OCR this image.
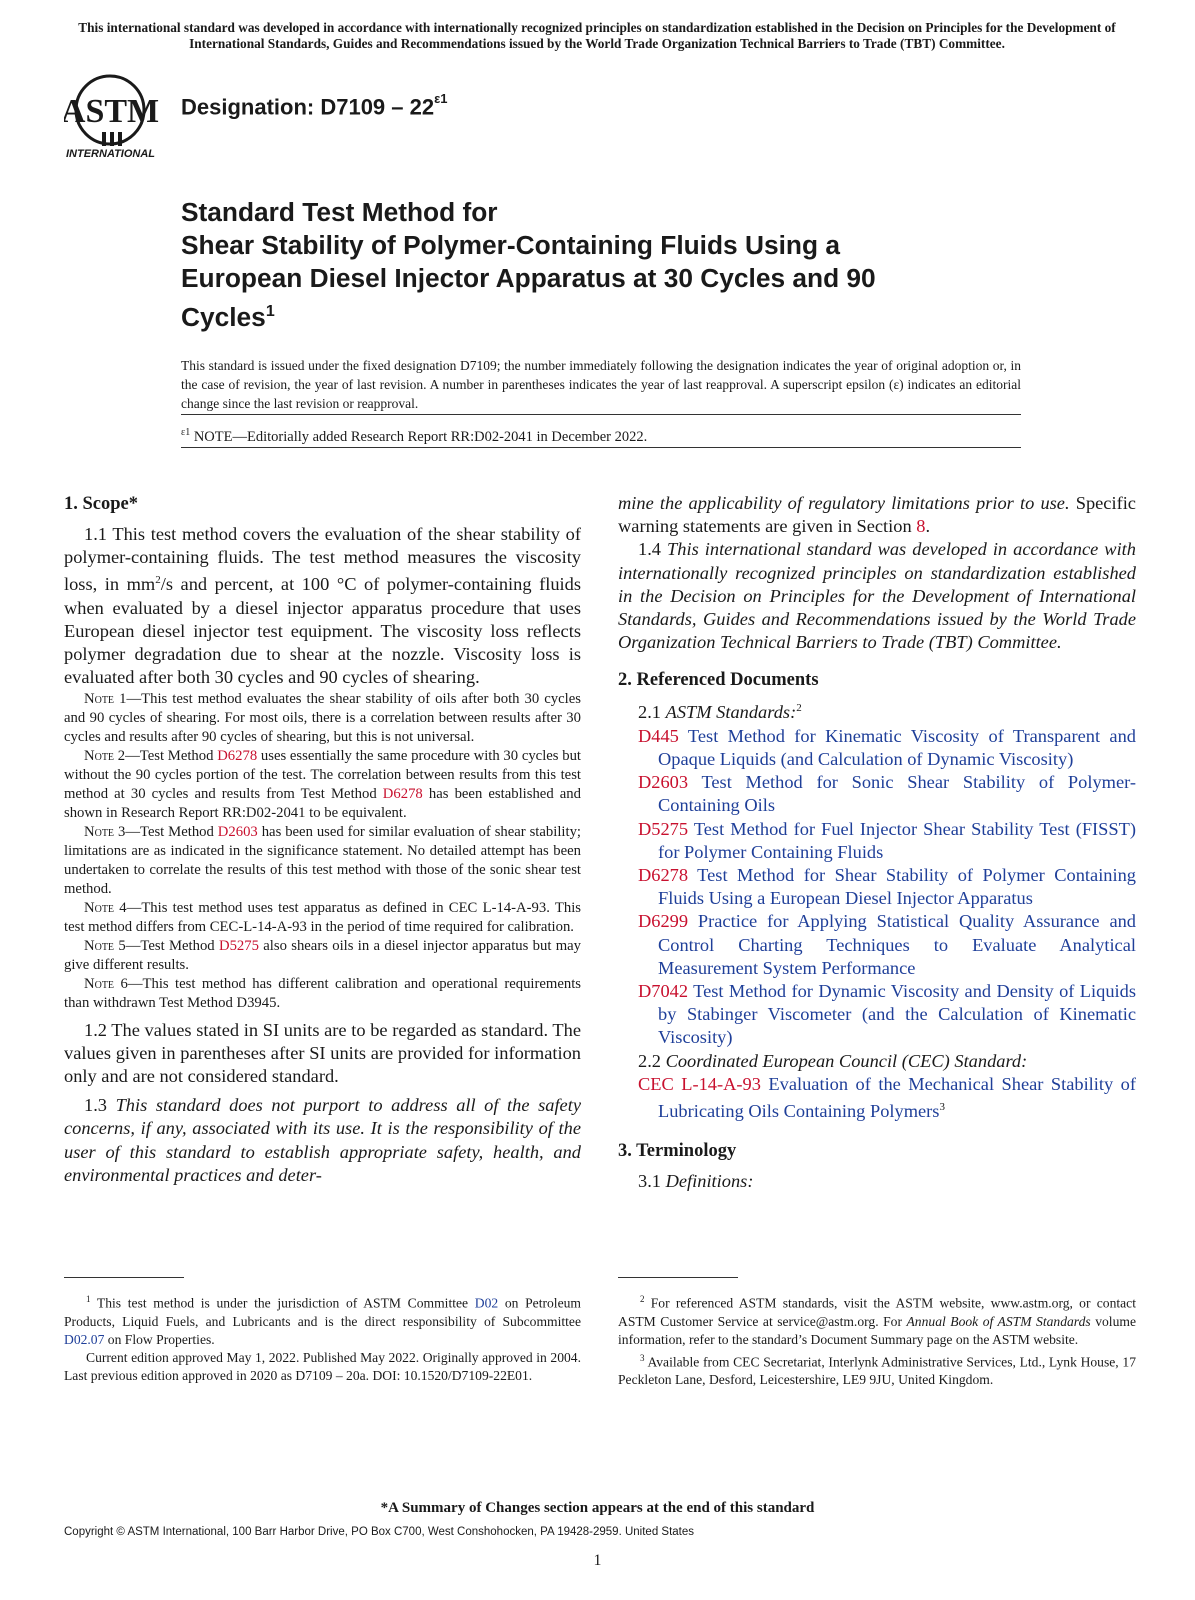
This international standard was developed in accordance with internationally recognized principles on standardization established in the Decision on Principles for the Development of International Standards, Guides and Recommendations issued by the World Trade Organization Technical Barriers to Trade (TBT) Committee.
ASTM
INTERNATIONAL
Designation: $D7109 - 22^{\varepsilon 1}$
Standard Test Method for
Shear Stability of Polymer-Containing Fluids Using a
European Diesel Injector Apparatus at 30 Cycles and 90
Cycles$^1$
This standard is issued under the fixed designation D7109; the number immediately following the designation indicates the year of original adoption or, in the case of revision, the year of last revision. A number in parentheses indicates the year of last reapproval. A superscript epsilon (ε) indicates an editorial change since the last revision or reapproval.
$^{\varepsilon 1}$ NOTE—Editorially added Research Report RR:D02-2041 in December 2022.

1. Scope*

1.1 This test method covers the evaluation of the shear stability of polymer-containing fluids. The test method measures the viscosity loss, in $mm^2/s$ and percent, at 100 °C of polymer-containing fluids when evaluated by a diesel injector apparatus procedure that uses European diesel injector test equipment. The viscosity loss reflects polymer degradation due to shear at the nozzle. Viscosity loss is evaluated after both 30 cycles and 90 cycles of shearing.

Note 1—This test method evaluates the shear stability of oils after both 30 cycles and 90 cycles of shearing. For most oils, there is a correlation between results after 30 cycles and results after 90 cycles of shearing, but this is not universal.

Note 2—Test Method D6278 uses essentially the same procedure with 30 cycles but without the 90 cycles portion of the test. The correlation between results from this test method at 30 cycles and results from Test Method D6278 has been established and shown in Research Report RR:D02-2041 to be equivalent.

Note 3—Test Method D2603 has been used for similar evaluation of shear stability; limitations are as indicated in the significance statement. No detailed attempt has been undertaken to correlate the results of this test method with those of the sonic shear test method.

Note 4—This test method uses test apparatus as defined in CEC L-14-A-93. This test method differs from CEC-L-14-A-93 in the period of time required for calibration.

Note 5—Test Method D5275 also shears oils in a diesel injector apparatus but may give different results.

Note 6—This test method has different calibration and operational requirements than withdrawn Test Method D3945.

1.2 The values stated in SI units are to be regarded as standard. The values given in parentheses after SI units are provided for information only and are not considered standard.

1.3 This standard does not purport to address all of the safety concerns, if any, associated with its use. It is the responsibility of the user of this standard to establish appropriate safety, health, and environmental practices and deter-

mine the applicability of regulatory limitations prior to use. Specific warning statements are given in Section 8.

1.4 This international standard was developed in accordance with internationally recognized principles on standardization established in the Decision on Principles for the Development of International Standards, Guides and Recommendations issued by the World Trade Organization Technical Barriers to Trade (TBT) Committee.

2. Referenced Documents

2.1 ASTM Standards:$^2$

D445 Test Method for Kinematic Viscosity of Transparent and Opaque Liquids (and Calculation of Dynamic Viscosity)

D2603 Test Method for Sonic Shear Stability of Polymer-Containing Oils

D5275 Test Method for Fuel Injector Shear Stability Test (FISST) for Polymer Containing Fluids

D6278 Test Method for Shear Stability of Polymer Containing Fluids Using a European Diesel Injector Apparatus

D6299 Practice for Applying Statistical Quality Assurance and Control Charting Techniques to Evaluate Analytical Measurement System Performance

D7042 Test Method for Dynamic Viscosity and Density of Liquids by Stabinger Viscometer (and the Calculation of Kinematic Viscosity)

2.2 Coordinated European Council (CEC) Standard:

CEC L-14-A-93 Evaluation of the Mechanical Shear Stability of Lubricating Oils Containing Polymers$^3$

3. Terminology

3.1 Definitions:

$^1$ This test method is under the jurisdiction of ASTM Committee D02 on Petroleum Products, Liquid Fuels, and Lubricants and is the direct responsibility of Subcommittee D02.07 on Flow Properties.

Current edition approved May 1, 2022. Published May 2022. Originally approved in 2004. Last previous edition approved in 2020 as D7109 – 20a. DOI: 10.1520/D7109-22E01.

$^2$ For referenced ASTM standards, visit the ASTM website, www.astm.org, or contact ASTM Customer Service at service@astm.org. For Annual Book of ASTM Standards volume information, refer to the standard’s Document Summary page on the ASTM website.

$^3$ Available from CEC Secretariat, Interlynk Administrative Services, Ltd., Lynk House, 17 Peckleton Lane, Desford, Leicestershire, LE9 9JU, United Kingdom.

*A Summary of Changes section appears at the end of this standard
Copyright © ASTM International, 100 Barr Harbor Drive, PO Box C700, West Conshohocken, PA 19428-2959. United States
1
